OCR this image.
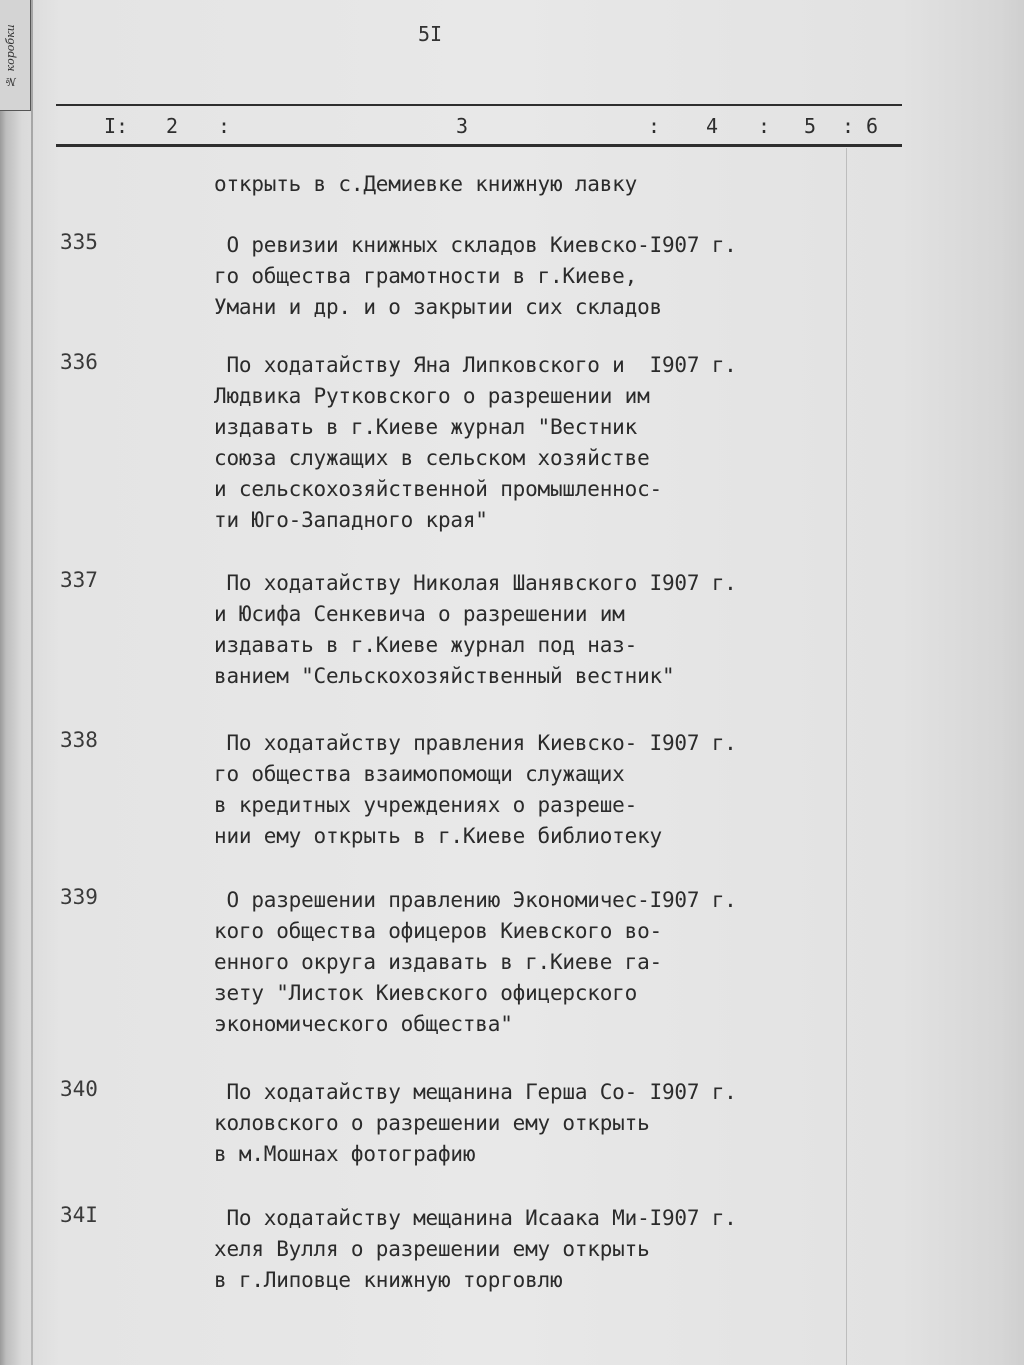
№ коробки	5I
I: 2 :	3	: 4 : 5 : 6
открыть в с.Демиевке книжную лавку
335	О ревизии книжных складов Киевско-I907 г.
го общества грамотности в г.Киеве,
Умани и др. и о закрытии сих складов
336	По ходатайству Яна Липковского и  I907 г.
Людвика Рутковского о разрешении им
издавать в г.Киеве журнал "Вестник
союза служащих в сельском хозяйстве
и сельскохозяйственной промышленнос-
ти Юго-Западного края"
337	По ходатайству Николая Шанявского I907 г.
и Юсифа Сенкевича о разрешении им
издавать в г.Киеве журнал под наз-
ванием "Сельскохозяйственный вестник"
338	По ходатайству правления Киевско- I907 г.
го общества взаимопомощи служащих
в кредитных учреждениях о разреше-
нии ему открыть в г.Киеве библиотеку
339	О разрешении правлению Экономичес-I907 г.
кого общества офицеров Киевского во-
енного округа издавать в г.Киеве га-
зету "Листок Киевского офицерского
экономического общества"
340	По ходатайству мещанина Герша Со- I907 г.
коловского о разрешении ему открыть
в м.Мошнах фотографию
34I	По ходатайству мещанина Исаака Ми-I907 г.
хеля Вулля о разрешении ему открыть
в г.Липовце книжную торговлю
